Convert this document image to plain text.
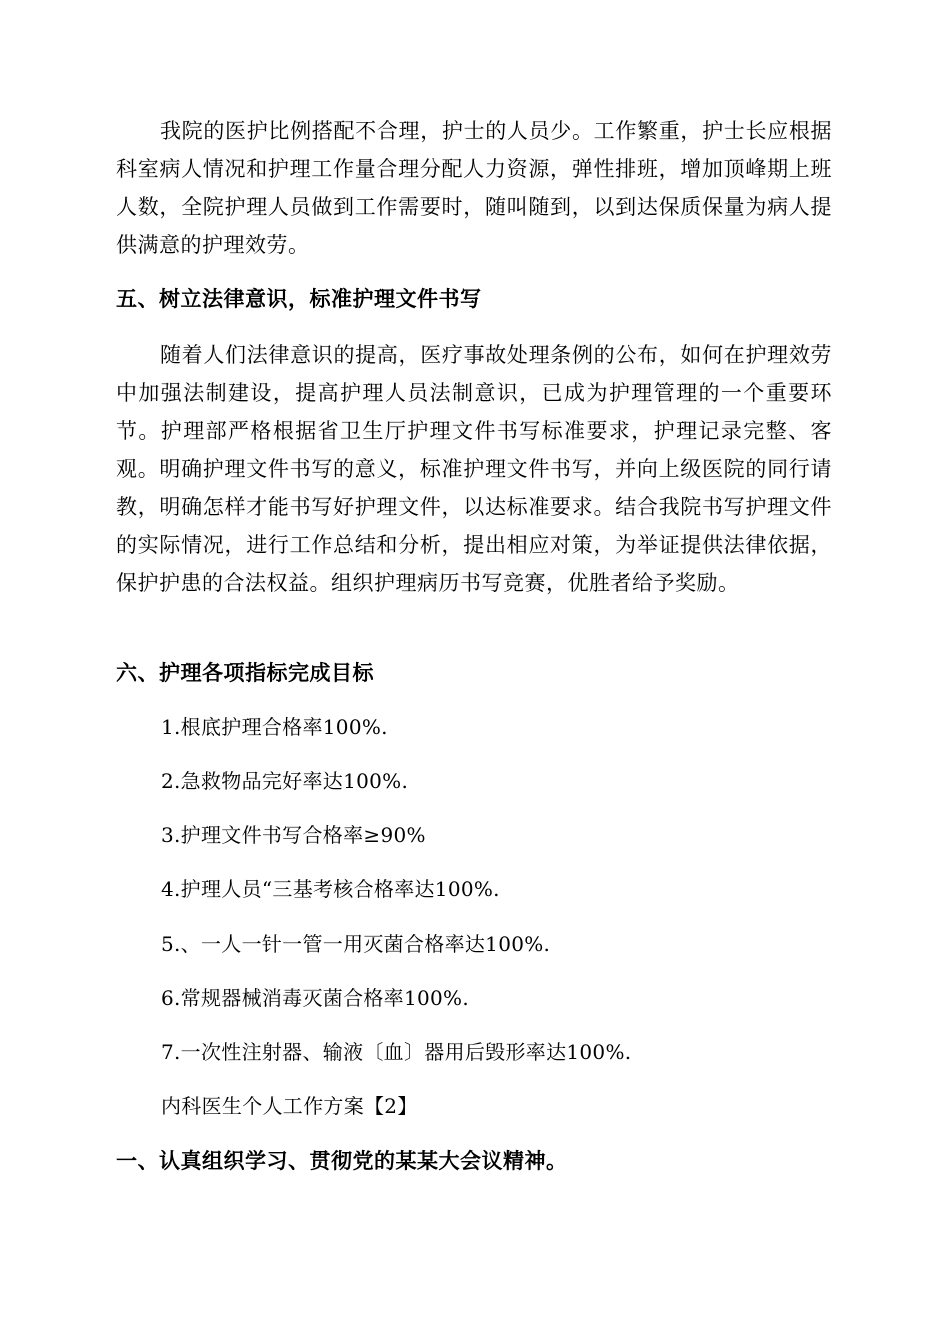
我院的医护比例搭配不合理，护士的人员少。工作繁重，护士长应根据科室病人情况和护理工作量合理分配人力资源，弹性排班，增加顶峰期上班人数，全院护理人员做到工作需要时，随叫随到，以到达保质保量为病人提供满意的护理效劳。

五、树立法律意识，标准护理文件书写

随着人们法律意识的提高，医疗事故处理条例的公布，如何在护理效劳中加强法制建设，提高护理人员法制意识，已成为护理管理的一个重要环节。护理部严格根据省卫生厅护理文件书写标准要求，护理记录完整、客观。明确护理文件书写的意义，标准护理文件书写，并向上级医院的同行请教，明确怎样才能书写好护理文件，以达标准要求。结合我院书写护理文件的实际情况，进行工作总结和分析，提出相应对策，为举证提供法律依据，保护护患的合法权益。组织护理病历书写竞赛，优胜者给予奖励。

六、护理各项指标完成目标

1.根底护理合格率100%.

2.急救物品完好率达100%.

3.护理文件书写合格率≥90%

4.护理人员“三基考核合格率达100%.

5.、一人一针一管一用灭菌合格率达100%.

6.常规器械消毒灭菌合格率100%.

7.一次性注射器、输液〔血〕器用后毁形率达100%.

内科医生个人工作方案【2】

一、认真组织学习、贯彻党的某某大会议精神。
